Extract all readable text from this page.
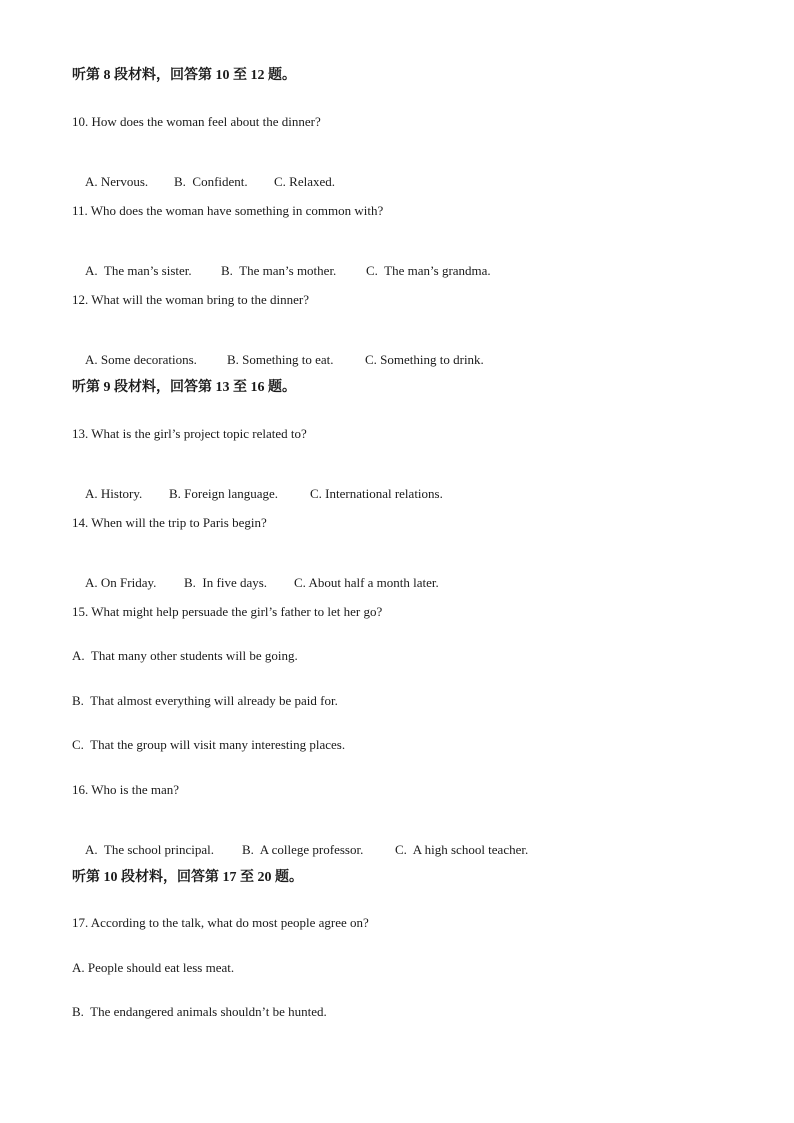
听第 8 段材料，回答第 10 至 12 题。
10. How does the woman feel about the dinner?

A. Nervous. B.  Confident. C. Relaxed.

11. Who does the woman have something in common with?

A.  The man’s sister. B.  The man’s mother. C.  The man’s grandma.

12. What will the woman bring to the dinner?

A. Some decorations. B. Something to eat. C. Something to drink.

听第 9 段材料，回答第 13 至 16 题。
13. What is the girl’s project topic related to?

A. History. B. Foreign language. C. International relations.

14. When will the trip to Paris begin?

A. On Friday. B.  In five days. C. About half a month later.

15. What might help persuade the girl’s father to let her go?
A.  That many other students will be going.
B.  That almost everything will already be paid for.
C.  That the group will visit many interesting places.
16. Who is the man?

A.  The school principal. B.  A college professor. C.  A high school teacher.

听第 10 段材料，回答第 17 至 20 题。
17. According to the talk, what do most people agree on?
A. People should eat less meat.
B.  The endangered animals shouldn’t be hunted.
